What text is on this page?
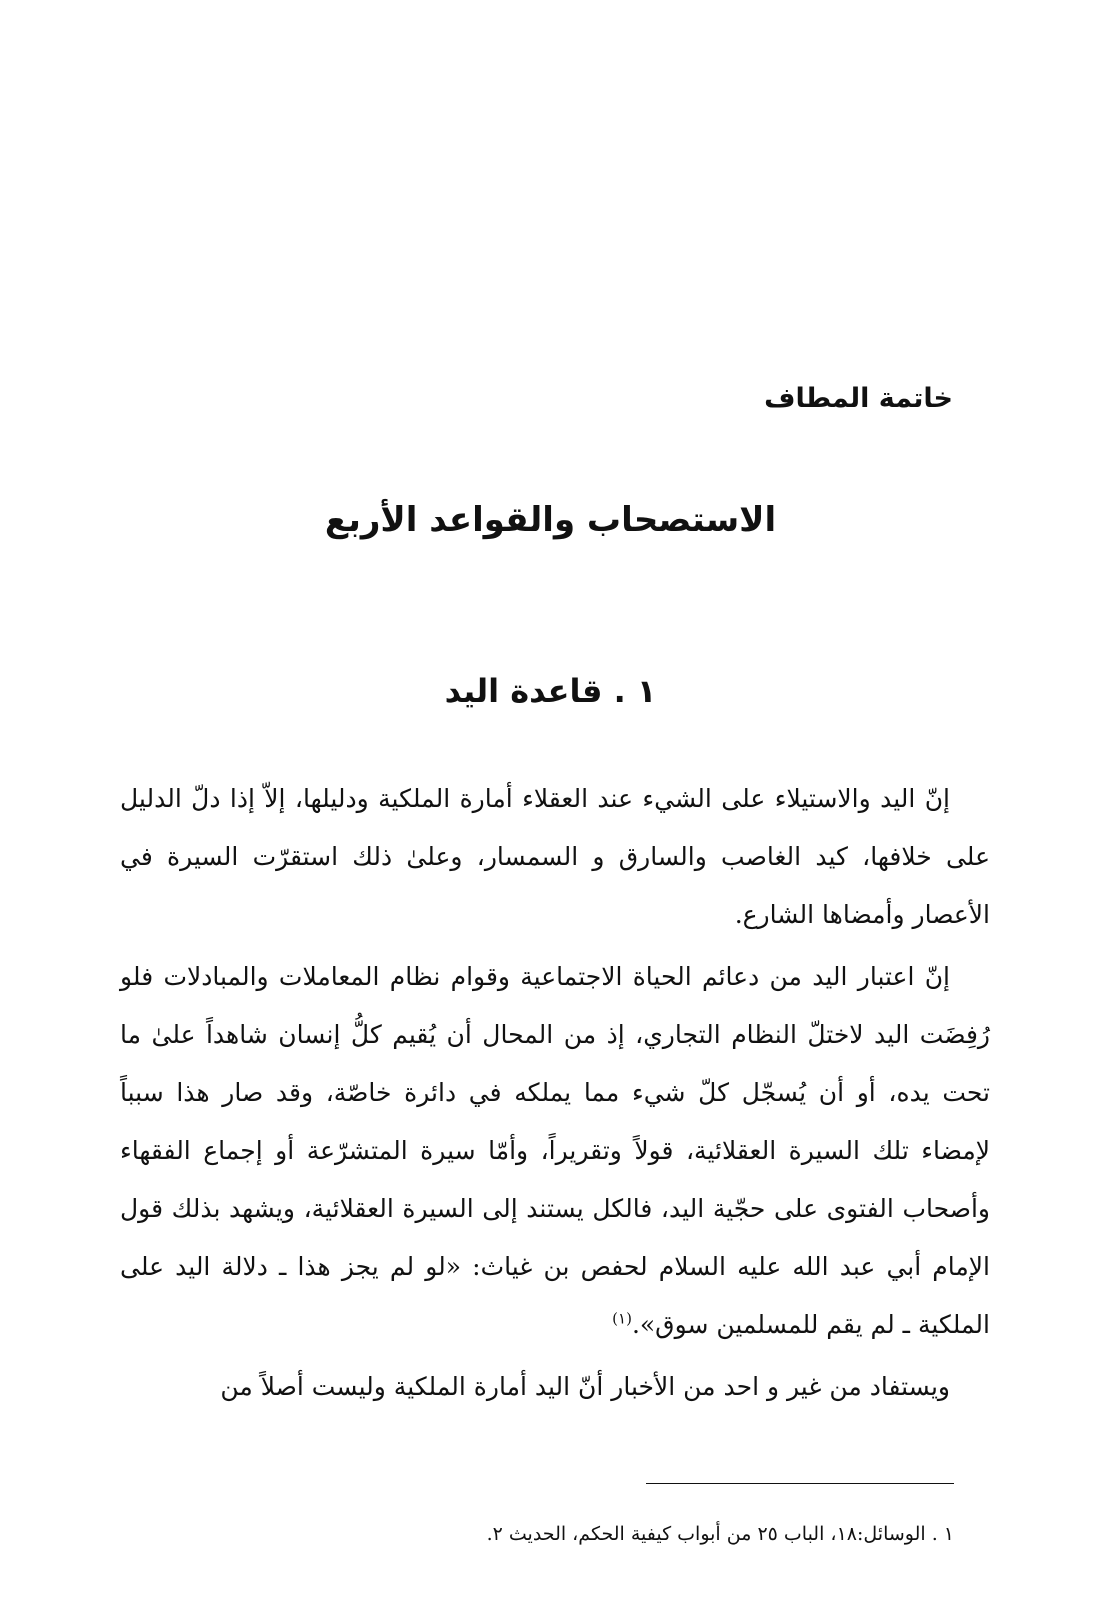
خاتمة المطاف
الاستصحاب والقواعد الأربع
١ . قاعدة اليد

إنّ اليد والاستيلاء على الشيء عند العقلاء أمارة الملكية ودليلها، إلاّ إذا دلّ الدليل على خلافها، كيد الغاصب والسارق و السمسار، وعلىٰ ذلك استقرّت السيرة في الأعصار وأمضاها الشارع.

إنّ اعتبار اليد من دعائم الحياة الاجتماعية وقوام نظام المعاملات والمبادلات فلو رُفِضَت اليد لاختلّ النظام التجاري، إذ من المحال أن يُقيم كلُّ إنسان شاهداً علىٰ ما تحت يده، أو أن يُسجّل كلّ شيء مما يملكه في دائرة خاصّة، وقد صار هذا سبباً لإمضاء تلك السيرة العقلائية، قولاً وتقريراً، وأمّا سيرة المتشرّعة أو إجماع الفقهاء وأصحاب الفتوى على حجّية اليد، فالكل يستند إلى السيرة العقلائية، ويشهد بذلك قول الإمام أبي عبد الله عليه السلام لحفص بن غياث: «لو لم يجز هذا ـ دلالة اليد على الملكية ـ لم يقم للمسلمين سوق».$^{(١)}$

ويستفاد من غير و احد من الأخبار أنّ اليد أمارة الملكية وليست أصلاً من

١ . الوسائل:١٨، الباب ٢٥ من أبواب كيفية الحكم، الحديث ٢.
